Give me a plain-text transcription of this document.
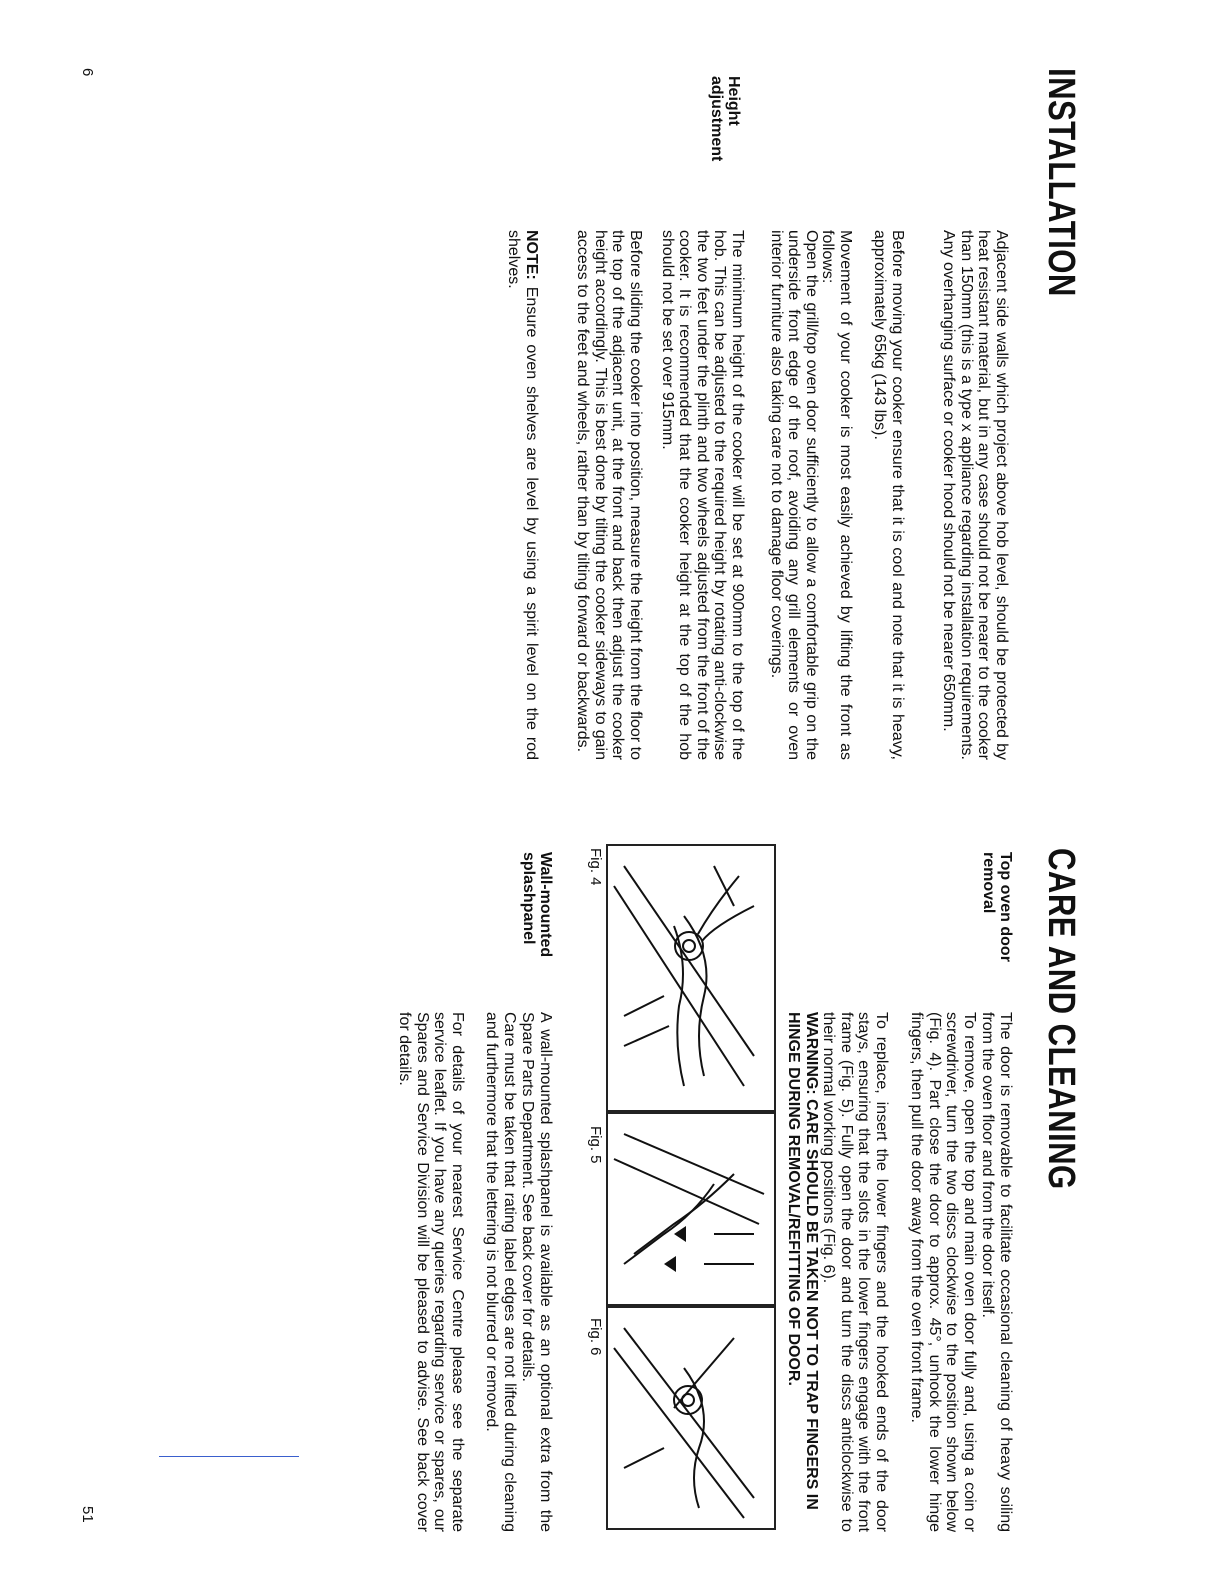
INSTALLATION

Adjacent side walls which project above hob level, should be protected by heat resistant material, but in any case should not be nearer to the cooker than 150mm (this is a type x appliance regarding installation requirements. Any overhanging surface or cooker hood should not be nearer 650mm.

Before moving your cooker ensure that it is cool and note that it is heavy, approximately 65kg (143 lbs).

Movement of your cooker is most easily achieved by lifting the front as follows:

Open the grill/top oven door sufficiently to allow a comfortable grip on the underside front edge of the roof, avoiding any grill elements or oven interior furniture also taking care not to damage floor coverings.

Height adjustment

The minimum height of the cooker will be set at 900mm to the top of the hob. This can be adjusted to the required height by rotating anti-clockwise the two feet under the plinth and two wheels adjusted from the front of the cooker. It is recommended that the cooker height at the top of the hob should not be set over 915mm.

Before sliding the cooker into position, measure the height from the floor to the top of the adjacent unit, at the front and back then adjust the cooker height accordingly. This is best done by tilting the cooker sideways to gain access to the feet and wheels, rather than by tilting forward or backwards.

NOTE: Ensure oven shelves are level by using a spirit level on the rod shelves.

6
CARE AND CLEANING
Top oven door removal

The door is removable to facilitate occasional cleaning of heavy soiling from the oven floor and from the door itself.

To remove, open the top and main oven door fully and, using a coin or screwdriver, turn the two discs clockwise to the position shown below (Fig. 4). Part close the door to approx. 45°, unhook the lower hinge fingers, then pull the door away from the oven front frame.

To replace, insert the lower fingers and the hooked ends of the door stays, ensuring that the slots in the lower fingers engage with the front frame (Fig. 5). Fully open the door and turn the discs anticlockwise to their normal working positions (Fig. 6).

WARNING: CARE SHOULD BE TAKEN NOT TO TRAP FINGERS IN HINGE DURING REMOVAL/REFITTING OF DOOR.

Fig. 4
Fig. 5
Fig. 6
Wall-mounted splashpanel

A wall-mounted splashpanel is available as an optional extra from the Spare Parts Department. See back cover for details.

Care must be taken that rating label edges are not lifted during cleaning and furthermore that the lettering is not blurred or removed.

For details of your nearest Service Centre please see the separate service leaflet. If you have any queries regarding service or spares, our Spares and Service Division will be pleased to advise. See back cover for details.

51
